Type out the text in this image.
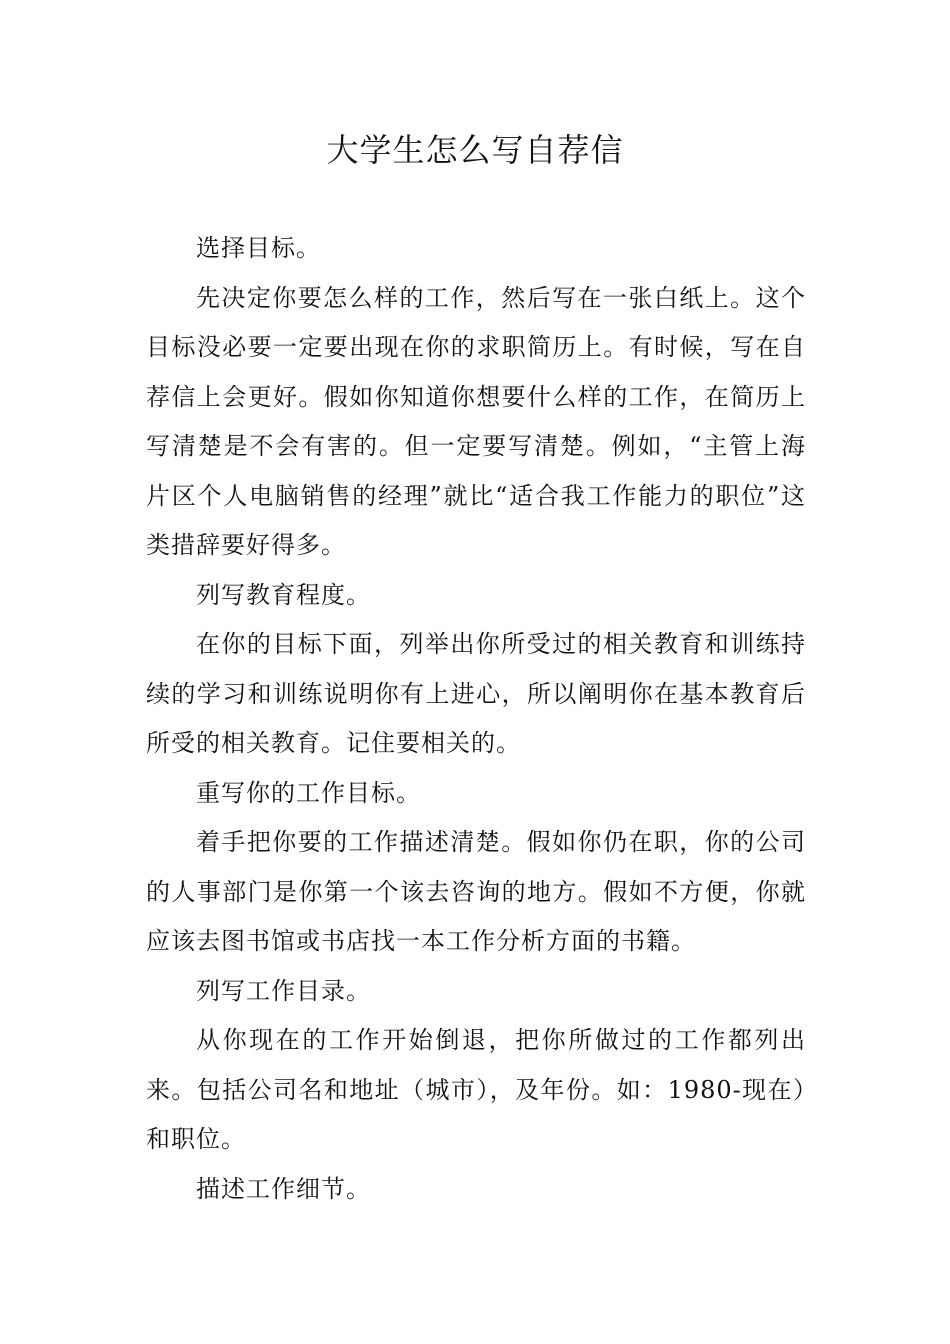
大学生怎么写自荐信

选择目标。

先决定你要怎么样的工作，然后写在一张白纸上。这个目标没必要一定要出现在你的求职简历上。有时候，写在自荐信上会更好。假如你知道你想要什么样的工作，在简历上写清楚是不会有害的。但一定要写清楚。例如，“主管上海片区个人电脑销售的经理”就比“适合我工作能力的职位”这类措辞要好得多。

列写教育程度。

在你的目标下面，列举出你所受过的相关教育和训练持续的学习和训练说明你有上进心，所以阐明你在基本教育后所受的相关教育。记住要相关的。

重写你的工作目标。

着手把你要的工作描述清楚。假如你仍在职，你的公司的人事部门是你第一个该去咨询的地方。假如不方便，你就应该去图书馆或书店找一本工作分析方面的书籍。

列写工作目录。

从你现在的工作开始倒退，把你所做过的工作都列出来。包括公司名和地址（城市），及年份。如：1980-现在）和职位。

描述工作细节。
